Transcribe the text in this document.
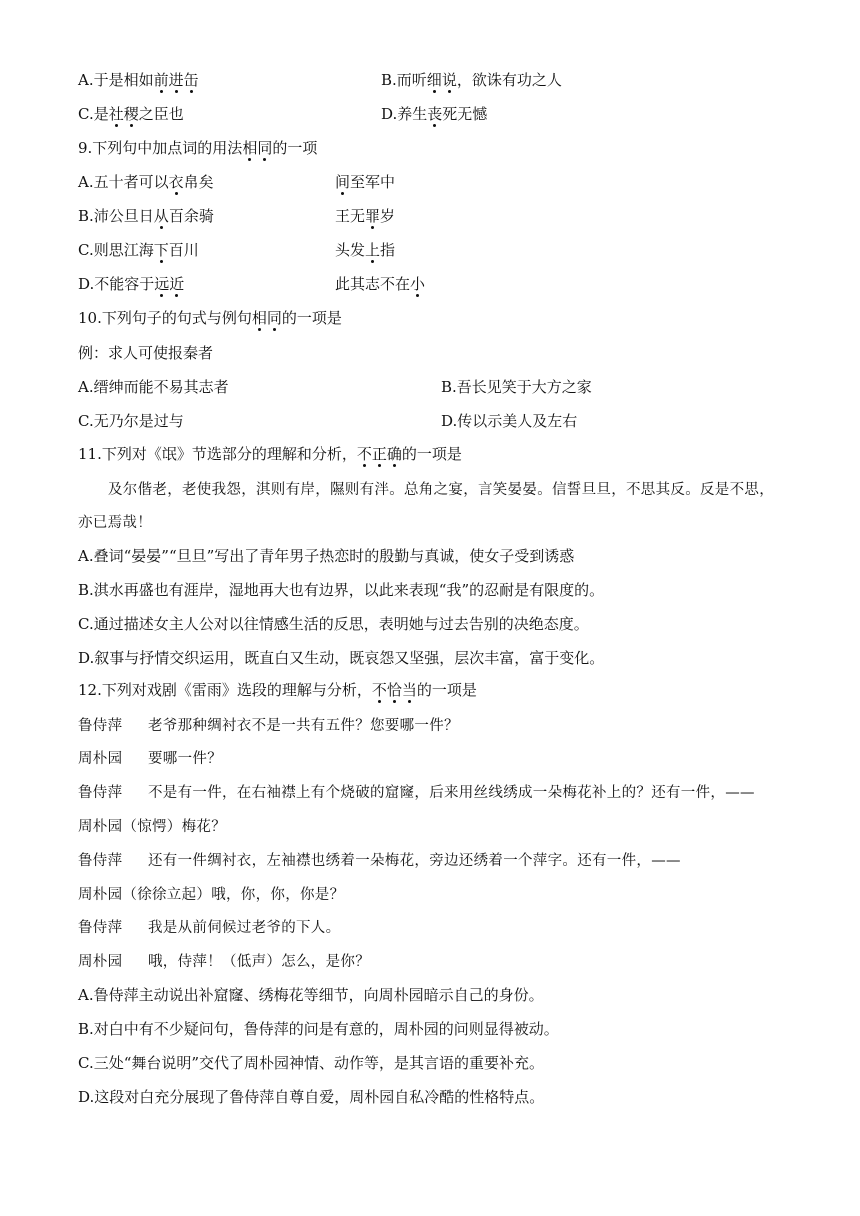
A.于是相如前进缶	B.而听细说，欲诛有功之人
C.是社稷之臣也	D.养生丧死无憾
9.下列句中加点词的用法相同的一项
A.五十者可以衣帛矣	间至军中
B.沛公旦日从百余骑	王无罪岁
C.则思江海下百川	头发上指
D.不能容于远近	此其志不在小
10.下列句子的句式与例句相同的一项是
例：求人可使报秦者
A.缙绅而能不易其志者	B.吾长见笑于大方之家
C.无乃尔是过与	D.传以示美人及左右
11.下列对《氓》节选部分的理解和分析，不正确的一项是
及尔偕老，老使我怨，淇则有岸，隰则有泮。总角之宴，言笑晏晏。信誓旦旦，不思其反。反是不思，
亦已焉哉！
A.叠词“晏晏”“旦旦”写出了青年男子热恋时的殷勤与真诚，使女子受到诱惑
B.淇水再盛也有涯岸，湿地再大也有边界，以此来表现“我”的忍耐是有限度的。
C.通过描述女主人公对以往情感生活的反思，表明她与过去告别的决绝态度。
D.叙事与抒情交织运用，既直白又生动，既哀怨又坚强，层次丰富，富于变化。
12.下列对戏剧《雷雨》选段的理解与分析，不恰当的一项是
鲁侍萍 老爷那种绸衬衣不是一共有五件？您要哪一件？
周朴园 要哪一件？
鲁侍萍 不是有一件，在右袖襟上有个烧破的窟窿，后来用丝线绣成一朵梅花补上的？还有一件，——
周朴园（惊愕）梅花？
鲁侍萍 还有一件绸衬衣，左袖襟也绣着一朵梅花，旁边还绣着一个萍字。还有一件，——
周朴园（徐徐立起）哦，你，你，你是？
鲁侍萍 我是从前伺候过老爷的下人。
周朴园 哦，侍萍！（低声）怎么，是你？
A.鲁侍萍主动说出补窟窿、绣梅花等细节，向周朴园暗示自己的身份。
B.对白中有不少疑问句，鲁侍萍的问是有意的，周朴园的问则显得被动。
C.三处“舞台说明”交代了周朴园神情、动作等，是其言语的重要补充。
D.这段对白充分展现了鲁侍萍自尊自爱，周朴园自私冷酷的性格特点。
